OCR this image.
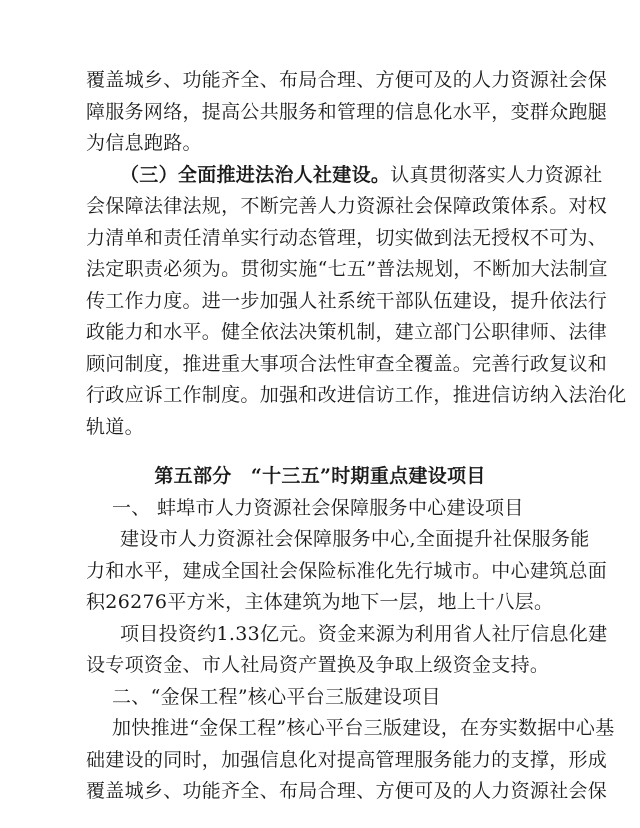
覆盖城乡、功能齐全、布局合理、方便可及的人力资源社会保
障服务网络，提高公共服务和管理的信息化水平，变群众跑腿
为信息跑路。
（三）全面推进法治人社建设。认真贯彻落实人力资源社
会保障法律法规，不断完善人力资源社会保障政策体系。对权
力清单和责任清单实行动态管理，切实做到法无授权不可为、
法定职责必须为。贯彻实施“七五”普法规划，不断加大法制宣
传工作力度。进一步加强人社系统干部队伍建设，提升依法行
政能力和水平。健全依法决策机制，建立部门公职律师、法律
顾问制度，推进重大事项合法性审查全覆盖。完善行政复议和
行政应诉工作制度。加强和改进信访工作，推进信访纳入法治化
轨道。
第五部分　“十三五”时期重点建设项目
一、 蚌埠市人力资源社会保障服务中心建设项目
建设市人力资源社会保障服务中心,全面提升社保服务能
力和水平，建成全国社会保险标准化先行城市。中心建筑总面
积26276平方米，主体建筑为地下一层，地上十八层。
项目投资约1.33亿元。资金来源为利用省人社厅信息化建
设专项资金、市人社局资产置换及争取上级资金支持。
二、“金保工程”核心平台三版建设项目
加快推进“金保工程”核心平台三版建设，在夯实数据中心基
础建设的同时，加强信息化对提高管理服务能力的支撑，形成
覆盖城乡、功能齐全、布局合理、方便可及的人力资源社会保
